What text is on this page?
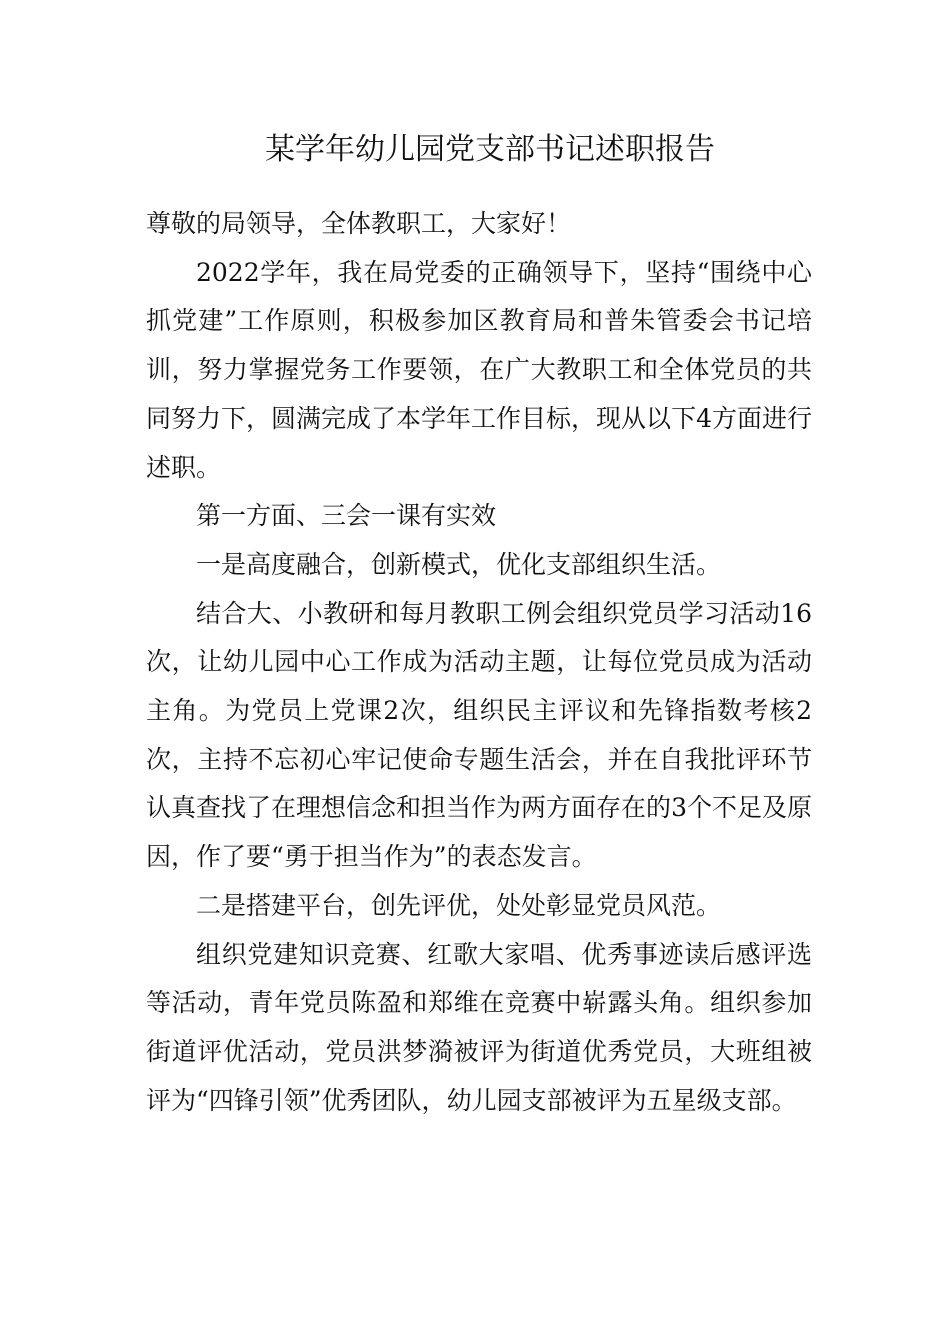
某学年幼儿园党支部书记述职报告

尊敬的局领导，全体教职工，大家好！

2022学年，我在局党委的正确领导下，坚持“围绕中心抓党建”工作原则，积极参加区教育局和普朱管委会书记培训，努力掌握党务工作要领，在广大教职工和全体党员的共同努力下，圆满完成了本学年工作目标，现从以下4方面进行述职。

第一方面、三会一课有实效

一是高度融合，创新模式，优化支部组织生活。

结合大、小教研和每月教职工例会组织党员学习活动16次，让幼儿园中心工作成为活动主题，让每位党员成为活动主角。为党员上党课2次，组织民主评议和先锋指数考核2次，主持不忘初心牢记使命专题生活会，并在自我批评环节认真查找了在理想信念和担当作为两方面存在的3个不足及原因，作了要“勇于担当作为”的表态发言。

二是搭建平台，创先评优，处处彰显党员风范。

组织党建知识竞赛、红歌大家唱、优秀事迹读后感评选等活动，青年党员陈盈和郑维在竞赛中崭露头角。组织参加街道评优活动，党员洪梦漪被评为街道优秀党员，大班组被评为“四锋引领”优秀团队，幼儿园支部被评为五星级支部。
